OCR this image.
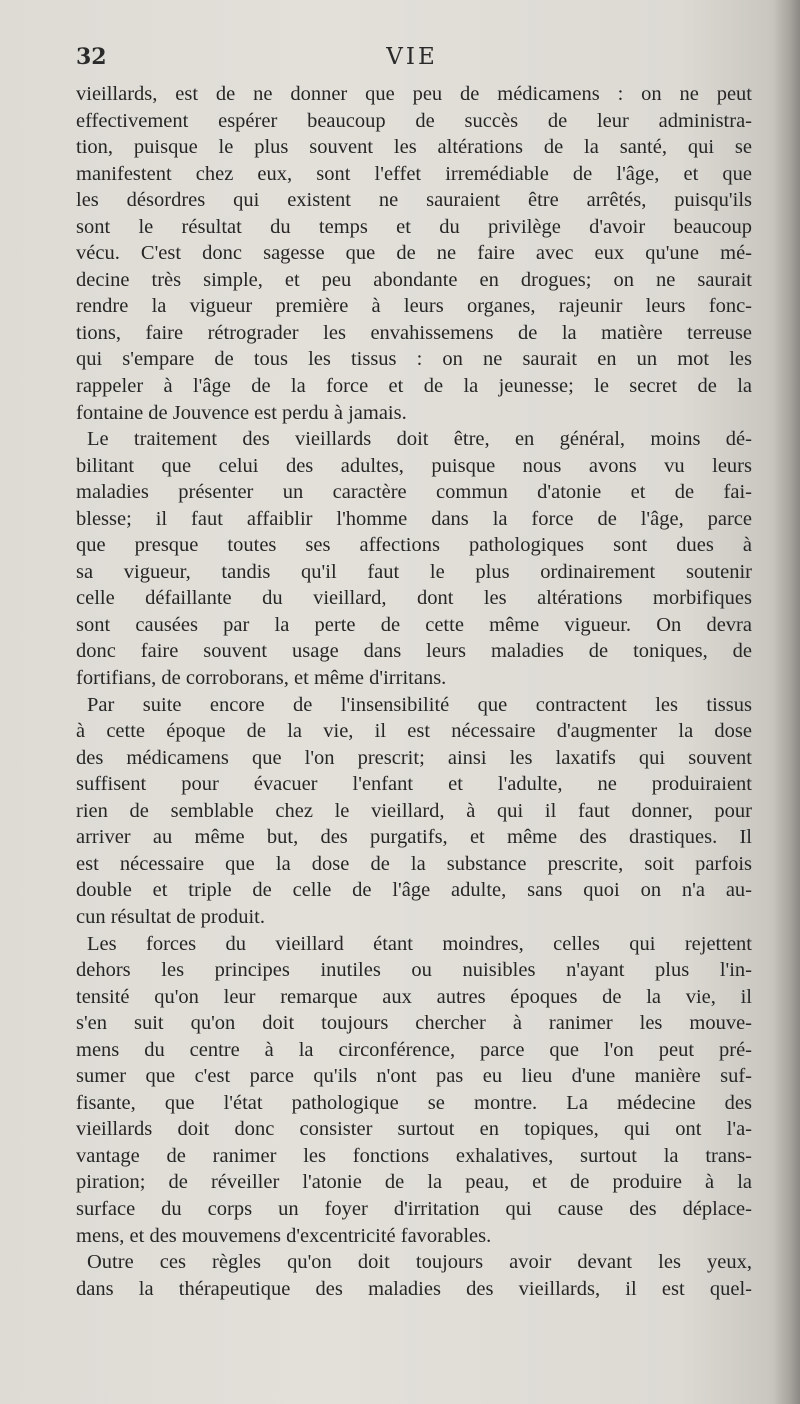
32	VIE

vieillards, est de ne donner que peu de médicamens : on ne peut

effectivement espérer beaucoup de succès de leur administra-

tion, puisque le plus souvent les altérations de la santé, qui se

manifestent chez eux, sont l'effet irremédiable de l'âge, et que

les désordres qui existent ne sauraient être arrêtés, puisqu'ils

sont le résultat du temps et du privilège d'avoir beaucoup

vécu. C'est donc sagesse que de ne faire avec eux qu'une mé-

decine très simple, et peu abondante en drogues; on ne saurait

rendre la vigueur première à leurs organes, rajeunir leurs fonc-

tions, faire rétrograder les envahissemens de la matière terreuse

qui s'empare de tous les tissus : on ne saurait en un mot les

rappeler à l'âge de la force et de la jeunesse; le secret de la

fontaine de Jouvence est perdu à jamais.

Le traitement des vieillards doit être, en général, moins dé-

bilitant que celui des adultes, puisque nous avons vu leurs

maladies présenter un caractère commun d'atonie et de fai-

blesse; il faut affaiblir l'homme dans la force de l'âge, parce

que presque toutes ses affections pathologiques sont dues à

sa vigueur, tandis qu'il faut le plus ordinairement soutenir

celle défaillante du vieillard, dont les altérations morbifiques

sont causées par la perte de cette même vigueur. On devra

donc faire souvent usage dans leurs maladies de toniques, de

fortifians, de corroborans, et même d'irritans.

Par suite encore de l'insensibilité que contractent les tissus

à cette époque de la vie, il est nécessaire d'augmenter la dose

des médicamens que l'on prescrit; ainsi les laxatifs qui souvent

suffisent pour évacuer l'enfant et l'adulte, ne produiraient

rien de semblable chez le vieillard, à qui il faut donner, pour

arriver au même but, des purgatifs, et même des drastiques. Il

est nécessaire que la dose de la substance prescrite, soit parfois

double et triple de celle de l'âge adulte, sans quoi on n'a au-

cun résultat de produit.

Les forces du vieillard étant moindres, celles qui rejettent

dehors les principes inutiles ou nuisibles n'ayant plus l'in-

tensité qu'on leur remarque aux autres époques de la vie, il

s'en suit qu'on doit toujours chercher à ranimer les mouve-

mens du centre à la circonférence, parce que l'on peut pré-

sumer que c'est parce qu'ils n'ont pas eu lieu d'une manière suf-

fisante, que l'état pathologique se montre. La médecine des

vieillards doit donc consister surtout en topiques, qui ont l'a-

vantage de ranimer les fonctions exhalatives, surtout la trans-

piration; de réveiller l'atonie de la peau, et de produire à la

surface du corps un foyer d'irritation qui cause des déplace-

mens, et des mouvemens d'excentricité favorables.

Outre ces règles qu'on doit toujours avoir devant les yeux,

dans la thérapeutique des maladies des vieillards, il est quel-
